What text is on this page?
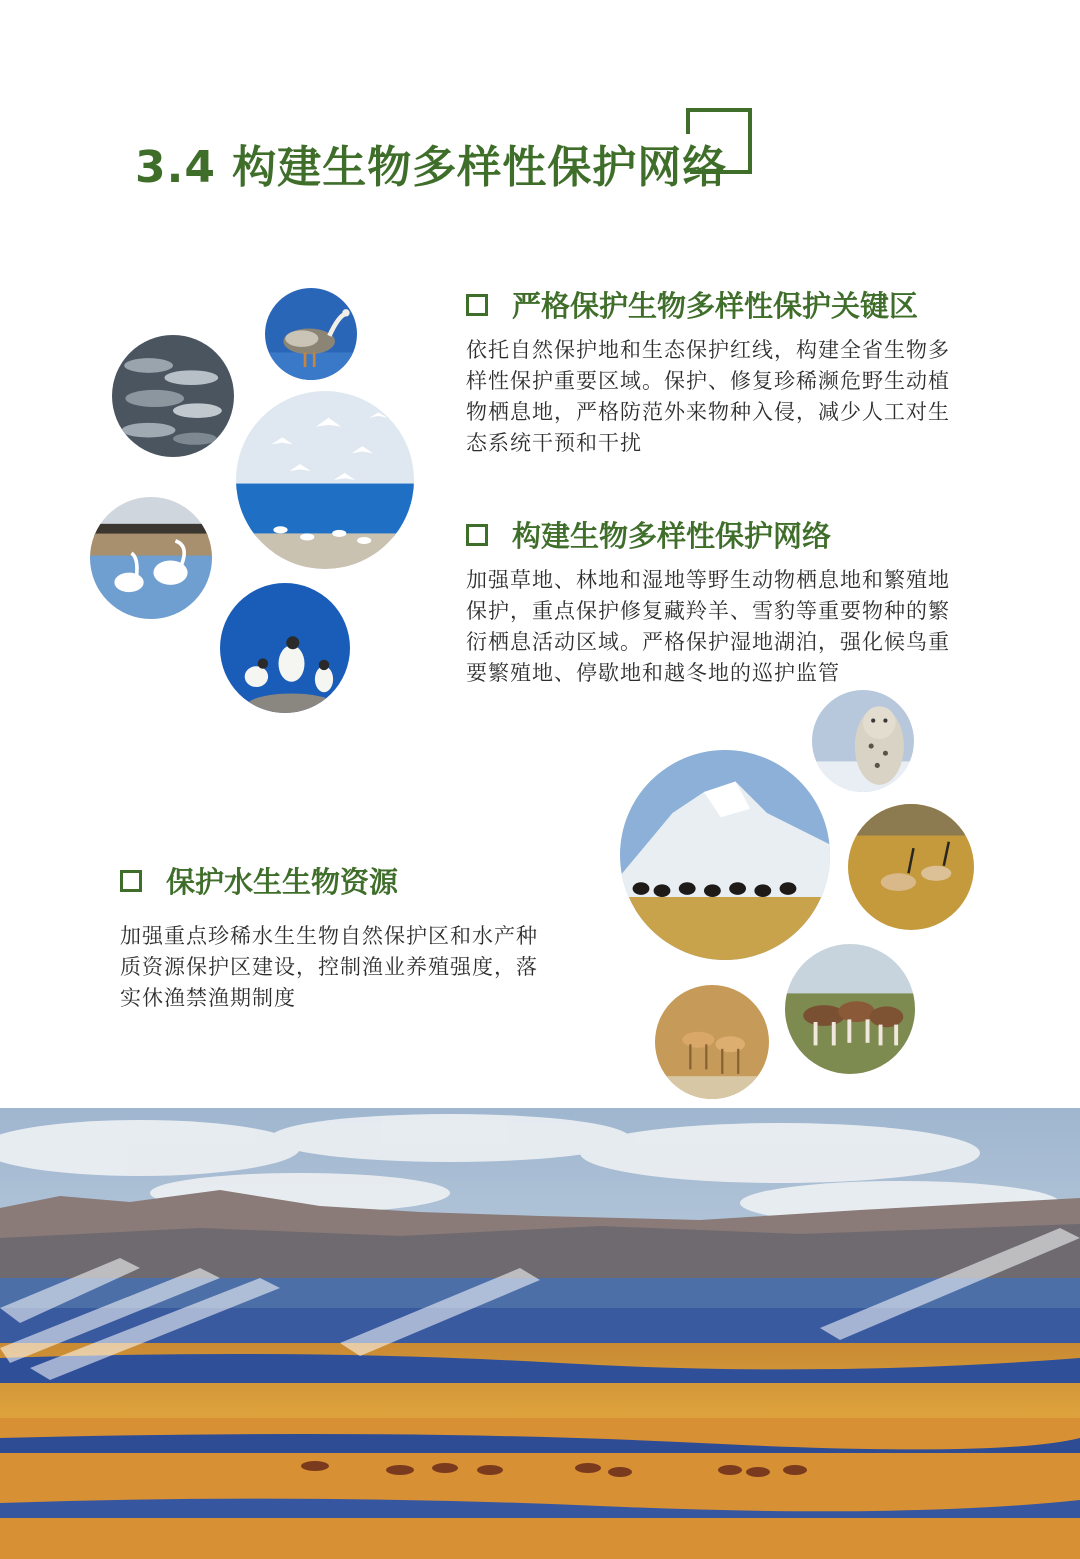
3.4 构建生物多样性保护网络
严格保护生物多样性保护关键区

依托自然保护地和生态保护红线，构建全省生物多样性保护重要区域。保护、修复珍稀濒危野生动植物栖息地，严格防范外来物种入侵，减少人工对生态系统干预和干扰

构建生物多样性保护网络

加强草地、林地和湿地等野生动物栖息地和繁殖地保护，重点保护修复藏羚羊、雪豹等重要物种的繁衍栖息活动区域。严格保护湿地湖泊，强化候鸟重要繁殖地、停歇地和越冬地的巡护监管

保护水生生物资源

加强重点珍稀水生生物自然保护区和水产种质资源保护区建设，控制渔业养殖强度，落实休渔禁渔期制度
